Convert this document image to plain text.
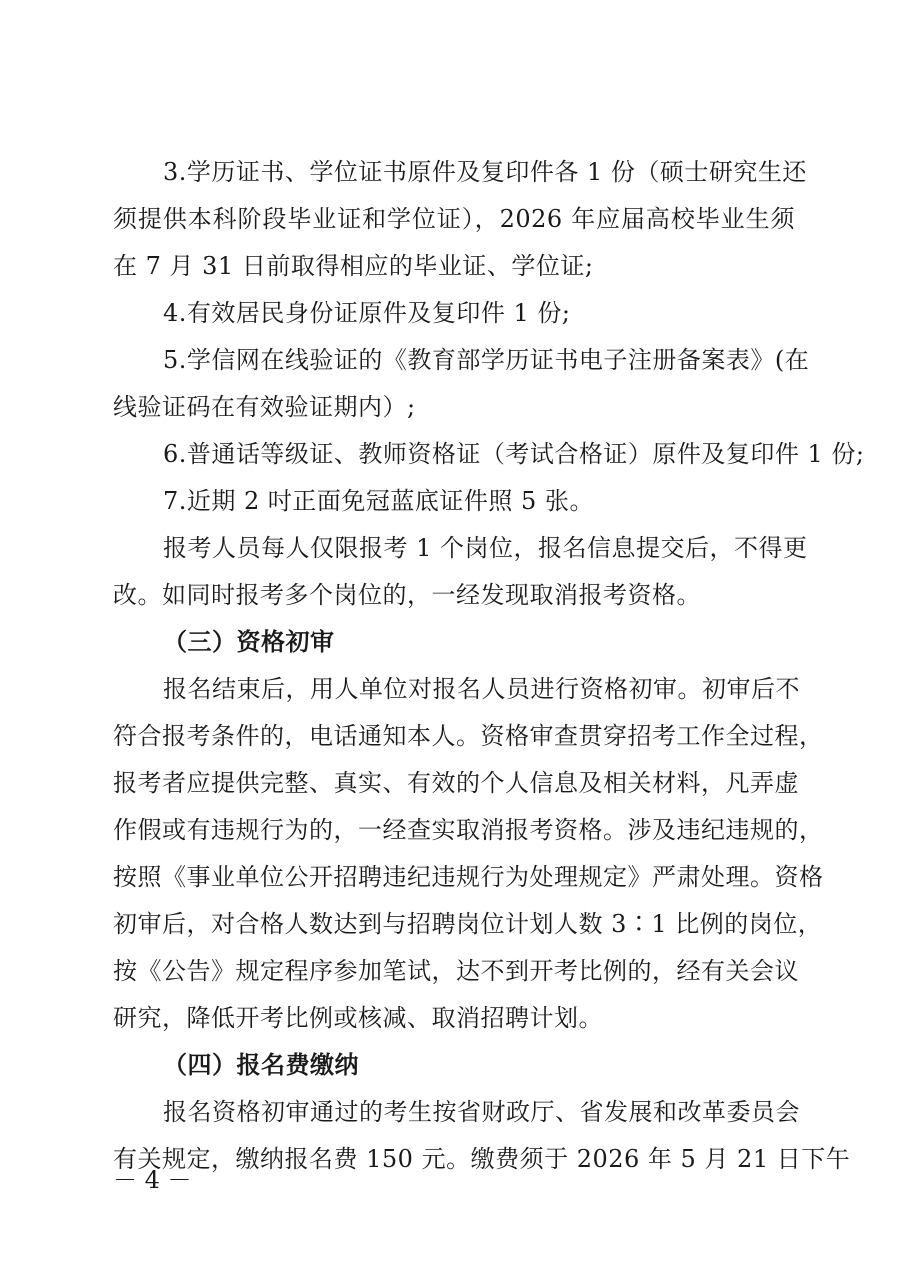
3.学历证书、学位证书原件及复印件各 1 份（硕士研究生还
须提供本科阶段毕业证和学位证），2026 年应届高校毕业生须
在 7 月 31 日前取得相应的毕业证、学位证;
4.有效居民身份证原件及复印件 1 份;
5.学信网在线验证的《教育部学历证书电子注册备案表》(在
线验证码在有效验证期内）;
6.普通话等级证、教师资格证（考试合格证）原件及复印件 1 份;
7.近期 2 吋正面免冠蓝底证件照 5 张。
报考人员每人仅限报考 1 个岗位，报名信息提交后，不得更
改。如同时报考多个岗位的，一经发现取消报考资格。
（三）资格初审
报名结束后，用人单位对报名人员进行资格初审。初审后不
符合报考条件的，电话通知本人。资格审查贯穿招考工作全过程，
报考者应提供完整、真实、有效的个人信息及相关材料，凡弄虚
作假或有违规行为的，一经查实取消报考资格。涉及违纪违规的，
按照《事业单位公开招聘违纪违规行为处理规定》严肃处理。资格
初审后，对合格人数达到与招聘岗位计划人数 3∶1 比例的岗位，
按《公告》规定程序参加笔试，达不到开考比例的，经有关会议
研究，降低开考比例或核减、取消招聘计划。
（四）报名费缴纳
报名资格初审通过的考生按省财政厅、省发展和改革委员会
有关规定，缴纳报名费 150 元。缴费须于 2026 年 5 月 21 日下午
－ 4 －
